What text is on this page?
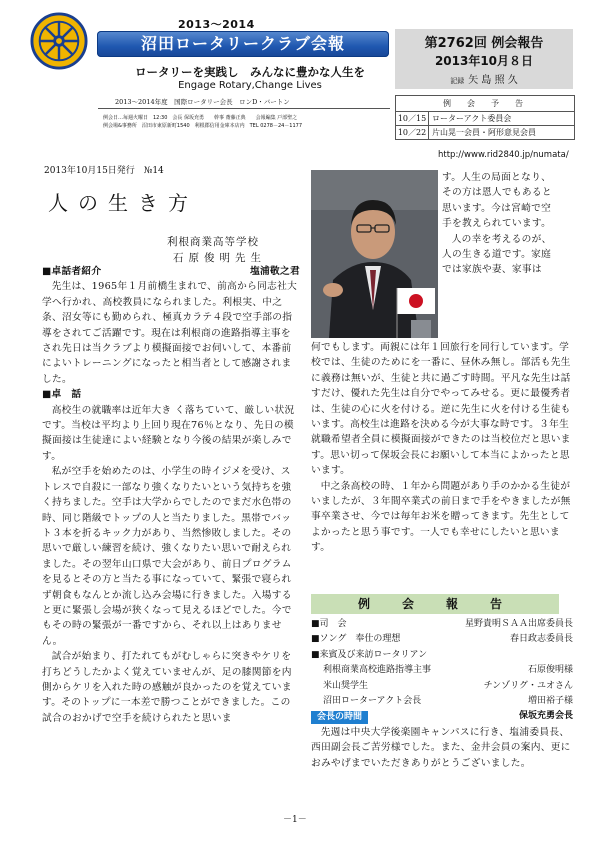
2013～2014
沼田ロータリークラブ会報
ロータリーを実践し　みんなに豊かな人生を
Engage Rotary,Change Lives
第2762回 例会報告
2013年10月８日
記録 矢 島 照 久
2013～2014年度　国際ロータリー会長　ロンD・バートン
例会日…毎週火曜日　12:30　会長 保坂充勇　　幹事 齋藤正典　　会報編集 戸部聖之
例会場&事務所　沼田市東原新町1540　利根郡信用金庫本店内　TEL 0278－24－1177
例　会　予　告
10／15 ローターアクト委員会
10／22 片山晃一会員・阿形意見会員
http://www.rid2840.jp/numata/
2013年10月15日発行　№14
人の生き方
利根商業高等学校
石原俊明先生
■卓話者紹介	塩浦敬之君
先生は、1965年１月前橋生まれで、前高から同志社大学へ行かれ、高校教員になられました。利根実、中之条、沼女等にも勤められ、極真カラテ４段で空手部の指導をされてご活躍です。現在は利根商の進路指導主事をされ先日は当クラブより模擬面接でお伺いして、本番前によいトレーニングになったと相当者として感謝されました。
■卓　話
高校生の就職率は近年大き く落ちていて、厳しい状況です。当校は平均より上回り現在76％となり、先日の模擬面接は生徒達によい経験となり今後の結果が楽しみです。
私が空手を始めたのは、小学生の時イジメを受け、ストレスで自殺に一部なり強くなりたいという気持ちを強く持ちました。空手は大学からでしたのでまだ水色帯の時、同じ階級でトップの人と当たりました。黒帯でバット３本を折るキック力があり、当然惨敗しました。その思いで厳しい練習を続け、強くなりたい思いで耐えられました。その翌年山口県で大会があり、前日プログラムを見るとその方と当たる事になっていて、緊張で寝られず朝食もなんとか流し込み会場に行きました。入場すると更に緊張し会場が狭くなって見えるほどでした。今でもその時の緊張が一番ですから、それ以上はありません。
試合が始まり、打たれてもがむしゃらに突きやケリを打ちどうしたかよく覚えていませんが、足の膝関節を内側からケリを入れた時の感触が良かったのを覚えています。そのトップに一本差で勝つことができました。この試合のおかげで空手を続けられたと思いま
す。人生の局面となり、その方は恩人でもあると思います。今は宮崎で空手を教えられています。
人の幸を考えるのが、人の生きる道です。家庭では家族や妻、家事は
何でもします。両親には年１回旅行を同行しています。学校では、生徒のためにを一番に、昼休み無し。部活も先生に義務は無いが、生徒と共に過ごす時間。平凡な先生は話すだけ、優れた先生は自分でやってみせる。更に最優秀者は、生徒の心に火を付ける。逆に先生に火を付ける生徒もいます。高校生は進路を決める今が大事な時です。３年生就職希望者全員に模擬面接ができたのは当校位だと思います。思い切って保坂会長にお願いして本当によかったと思います。
中之条高校の時、１年から問題があり手のかかる生徒がいましたが、３年間卒業式の前日まで手をやきましたが無事卒業させ、今では毎年お米を贈ってきます。先生としてよかったと思う事です。一人でも幸せにしたいと思います。
例　会　報　告
■司　会	星野貴明ＳＡＡ出席委員長
■ソング　奉仕の理想	春日政志委員長
■来賓及び来訪ロータリアン
利根商業高校進路指導主事	石原俊明様
米山奨学生	チンゾリグ・ユオさん
沼田ローターアクト会長	増田裕子様
会長の時間	保坂充勇会長
先週は中央大学後楽園キャンパスに行き、塩浦委員長、西田副会長ご苦労様でした。また、金井会員の案内、更におみやげまでいただきありがとうございました。
－1－
